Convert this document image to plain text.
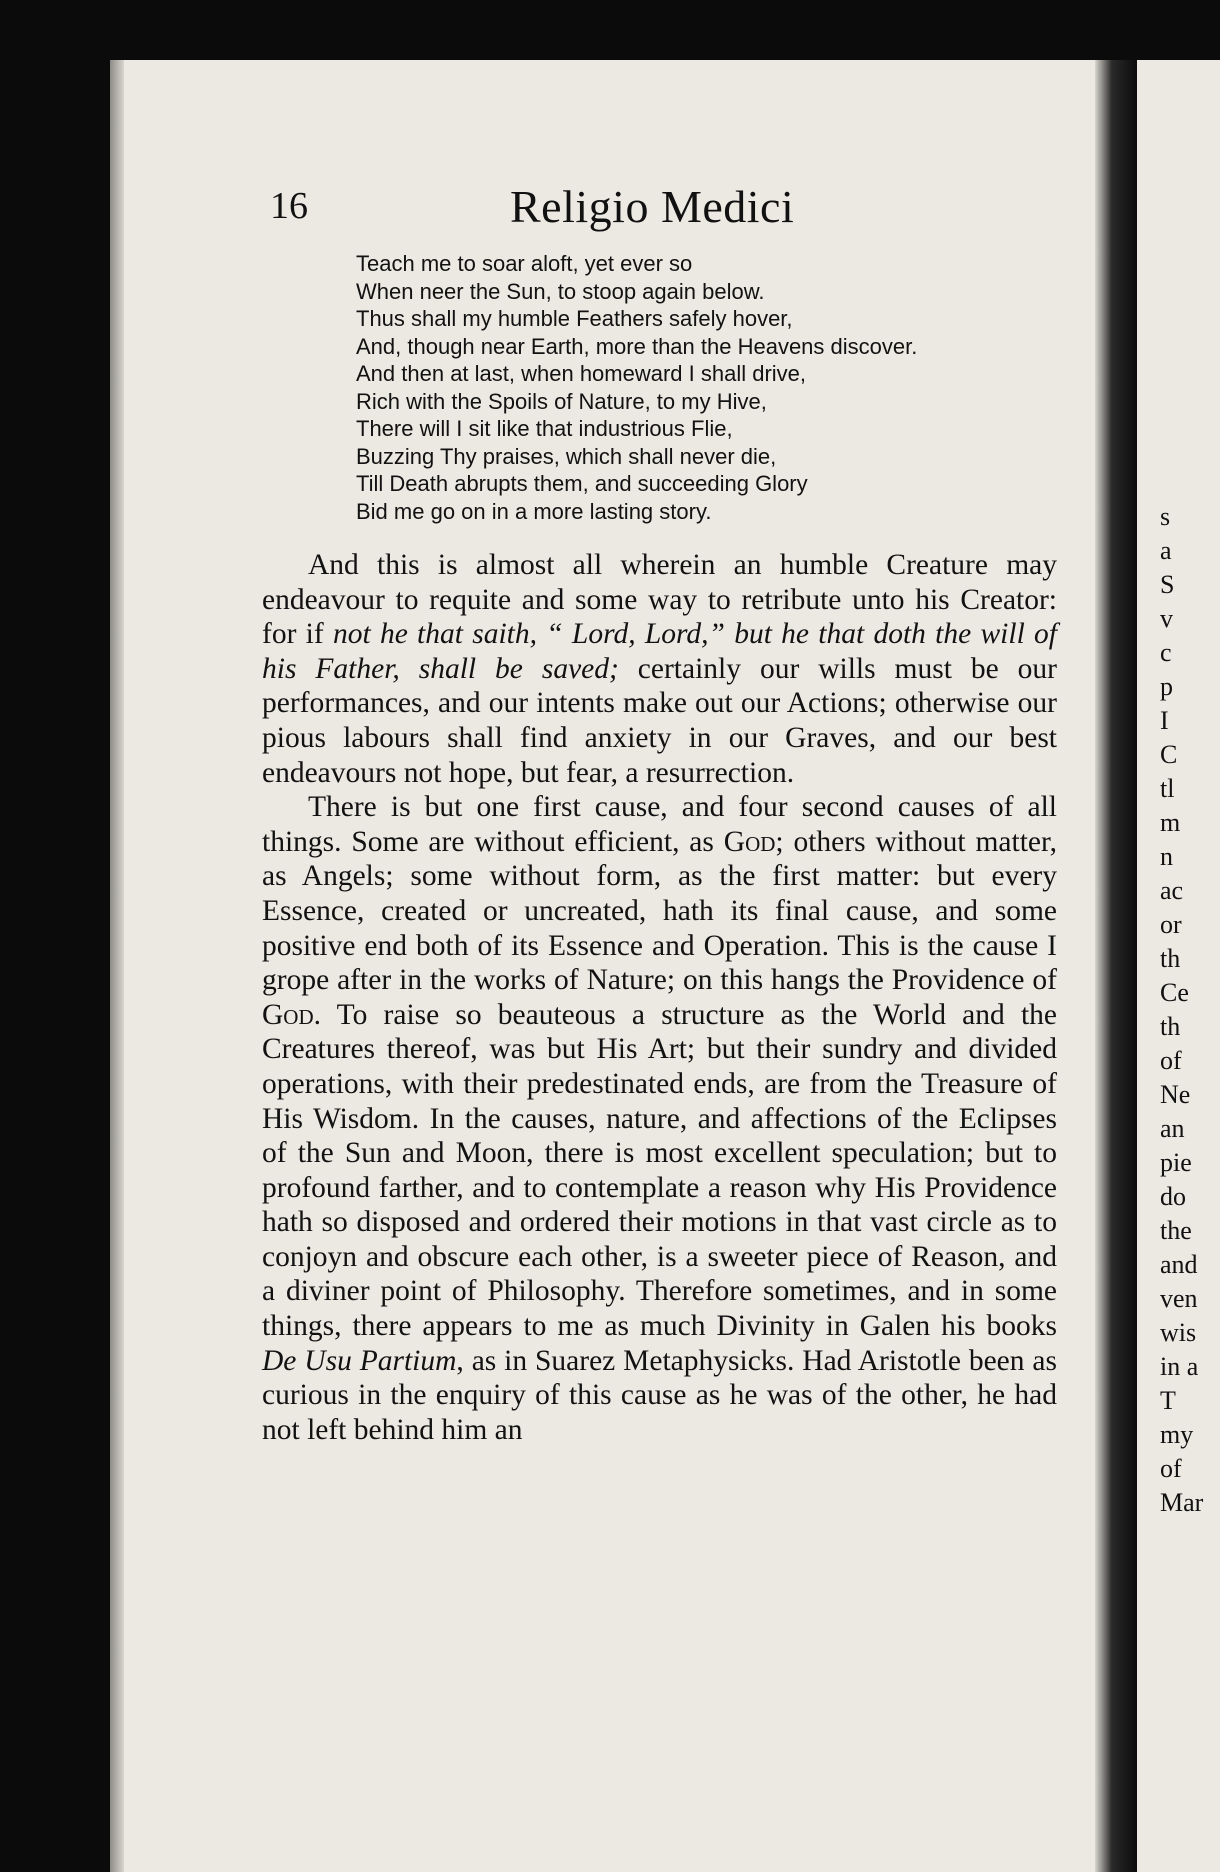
s
a
S
v
c
p
I
C
tl
m
n
ac
or
th
Ce
th
of
Ne
an
pie
do
the
and
ven
wis
in a
T
my
of
Mar
16	Religio Medici
Teach me to soar aloft, yet ever so
When neer the Sun, to stoop again below.
Thus shall my humble Feathers safely hover,
And, though near Earth, more than the Heavens discover.
And then at last, when homeward I shall drive,
Rich with the Spoils of Nature, to my Hive,
There will I sit like that industrious Flie,
Buzzing Thy praises, which shall never die,
Till Death abrupts them, and succeeding Glory
Bid me go on in a more lasting story.

And this is almost all wherein an humble Creature may endeavour to requite and some way to retribute unto his Creator: for if not he that saith, “ Lord, Lord,” but he that doth the will of his Father, shall be saved; certainly our wills must be our performances, and our intents make out our Actions; otherwise our pious labours shall find anxiety in our Graves, and our best endeavours not hope, but fear, a resurrection.

There is but one first cause, and four second causes of all things. Some are without efficient, as God; others without matter, as Angels; some without form, as the first matter: but every Essence, created or uncreated, hath its final cause, and some positive end both of its Essence and Operation. This is the cause I grope after in the works of Nature; on this hangs the Providence of God. To raise so beauteous a structure as the World and the Creatures thereof, was but His Art; but their sundry and divided operations, with their predestinated ends, are from the Treasure of His Wisdom. In the causes, nature, and affections of the Eclipses of the Sun and Moon, there is most excellent speculation; but to profound farther, and to contemplate a reason why His Providence hath so disposed and ordered their motions in that vast circle as to conjoyn and obscure each other, is a sweeter piece of Reason, and a diviner point of Philosophy. Therefore sometimes, and in some things, there appears to me as much Divinity in Galen his books De Usu Partium, as in Suarez Metaphysicks. Had Aristotle been as curious in the enquiry of this cause as he was of the other, he had not left behind him an
